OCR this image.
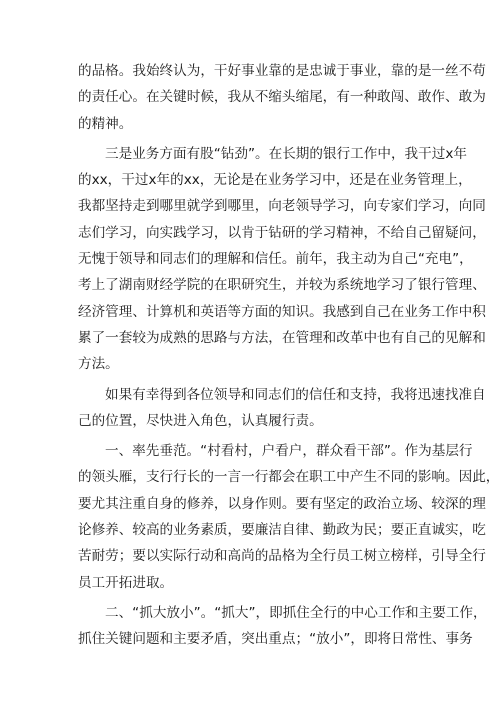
的品格。我始终认为，干好事业靠的是忠诚于事业，靠的是一丝不苟
的责任心。在关键时候，我从不缩头缩尾，有一种敢闯、敢作、敢为
的精神。
三是业务方面有股“钻劲”。在长期的银行工作中，我干过x年
的xx，干过x年的xx，无论是在业务学习中，还是在业务管理上，
我都坚持走到哪里就学到哪里，向老领导学习，向专家们学习，向同
志们学习，向实践学习，以肯于钻研的学习精神，不给自己留疑问，
无愧于领导和同志们的理解和信任。前年，我主动为自己“充电”，
考上了湖南财经学院的在职研究生，并较为系统地学习了银行管理、
经济管理、计算机和英语等方面的知识。我感到自己在业务工作中积
累了一套较为成熟的思路与方法，在管理和改革中也有自己的见解和
方法。
如果有幸得到各位领导和同志们的信任和支持，我将迅速找准自
己的位置，尽快进入角色，认真履行责。
一、率先垂范。“村看村，户看户，群众看干部”。作为基层行
的领头雁，支行行长的一言一行都会在职工中产生不同的影响。因此，
要尤其注重自身的修养，以身作则。要有坚定的政治立场、较深的理
论修养、较高的业务素质，要廉洁自律、勤政为民；要正直诚实，吃
苦耐劳；要以实际行动和高尚的品格为全行员工树立榜样，引导全行
员工开拓进取。
二、“抓大放小”。“抓大”，即抓住全行的中心工作和主要工作，
抓住关键问题和主要矛盾，突出重点；“放小”，即将日常性、事务
